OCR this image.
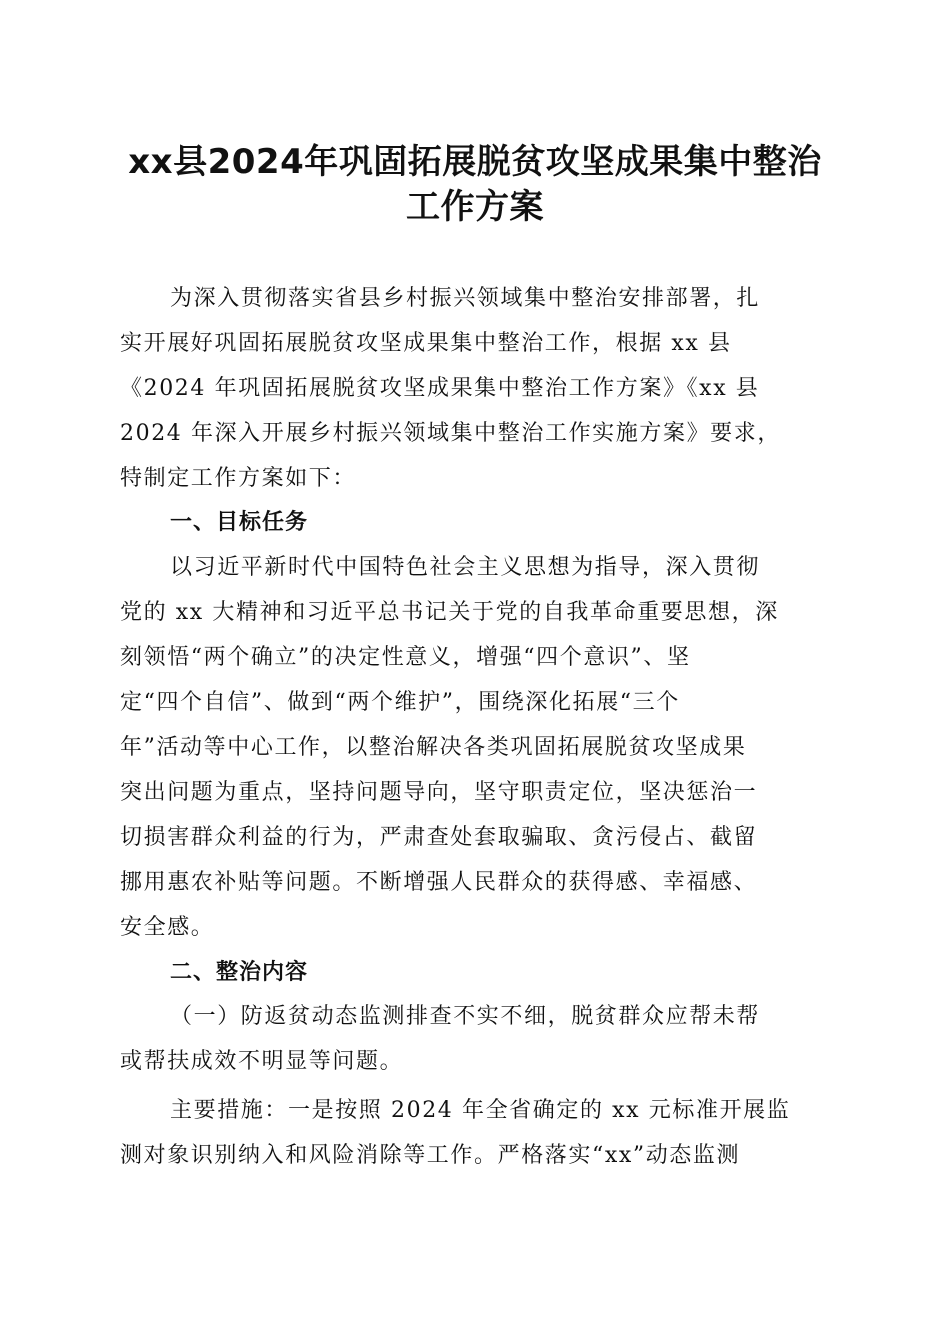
xx县2024年巩固拓展脱贫攻坚成果集中整治
工作方案
为深入贯彻落实省县乡村振兴领域集中整治安排部署，扎
实开展好巩固拓展脱贫攻坚成果集中整治工作，根据 xx 县
《2024 年巩固拓展脱贫攻坚成果集中整治工作方案》《xx 县
2024 年深入开展乡村振兴领域集中整治工作实施方案》要求，
特制定工作方案如下：
一、目标任务
以习近平新时代中国特色社会主义思想为指导，深入贯彻
党的 xx 大精神和习近平总书记关于党的自我革命重要思想，深
刻领悟“两个确立”的决定性意义，增强“四个意识”、坚
定“四个自信”、做到“两个维护”，围绕深化拓展“三个
年”活动等中心工作，以整治解决各类巩固拓展脱贫攻坚成果
突出问题为重点，坚持问题导向，坚守职责定位，坚决惩治一
切损害群众利益的行为，严肃查处套取骗取、贪污侵占、截留
挪用惠农补贴等问题。不断增强人民群众的获得感、幸福感、
安全感。
二、整治内容
（一）防返贫动态监测排查不实不细，脱贫群众应帮未帮
或帮扶成效不明显等问题。
主要措施：一是按照 2024 年全省确定的 xx 元标准开展监
测对象识别纳入和风险消除等工作。严格落实“xx”动态监测
